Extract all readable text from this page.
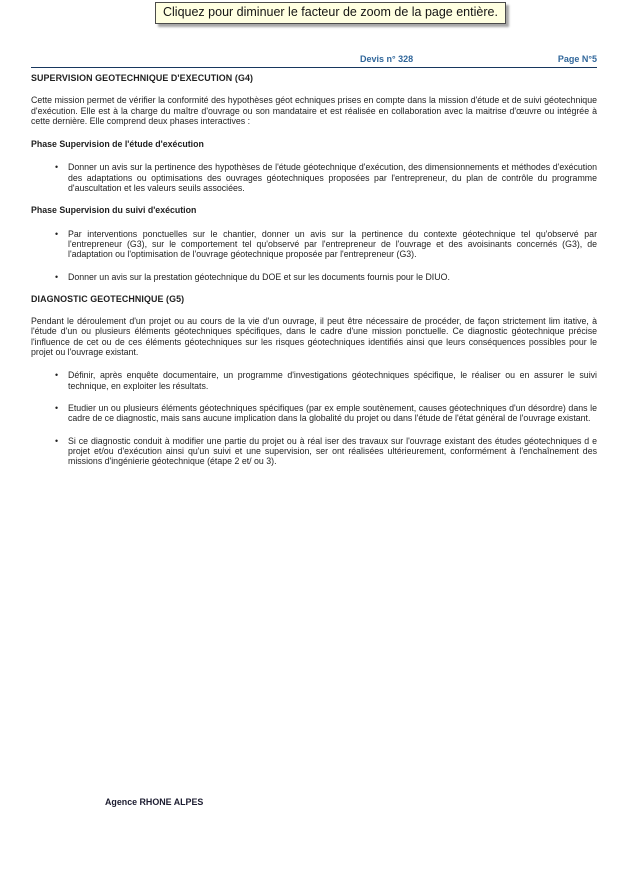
Cliquez pour diminuer le facteur de zoom de la page entière.
Devis n° 328	Page N°5
SUPERVISION GEOTECHNIQUE D'EXECUTION (G4)

Cette mission permet de vérifier la conformité des hypothèses géot echniques prises en compte dans la mission d'étude et de suivi géotechnique d'exécution. Elle est à la charge du maître d'ouvrage ou son mandataire et est réalisée en collaboration avec la maitrise d'œuvre ou intégrée à cette dernière. Elle comprend deux phases interactives :

Phase Supervision de l'étude d'exécution
•	Donner un avis sur la pertinence des hypothèses de l'étude géotechnique d'exécution, des dimensionnements et méthodes d'exécution des adaptations ou optimisations des ouvrages géotechniques proposées par l'entrepreneur, du plan de contrôle du programme d'auscultation et les valeurs seuils associées.
Phase Supervision du suivi d'exécution
•	Par interventions ponctuelles sur le chantier, donner un avis sur la pertinence du contexte géotechnique tel qu'observé par l'entrepreneur (G3), sur le comportement tel qu'observé par l'entrepreneur de l'ouvrage et des avoisinants concernés (G3), de l'adaptation ou l'optimisation de l'ouvrage géotechnique proposée par l'entrepreneur (G3).
•	Donner un avis sur la prestation géotechnique du DOE et sur les documents fournis pour le DIUO.
DIAGNOSTIC GEOTECHNIQUE (G5)

Pendant le déroulement d'un projet ou au cours de la vie d'un ouvrage, il peut être nécessaire de procéder, de façon strictement lim itative, à l'étude d'un ou plusieurs éléments géotechniques spécifiques, dans le cadre d'une mission ponctuelle. Ce diagnostic géotechnique précise l'influence de cet ou de ces éléments géotechniques sur les risques géotechniques identifiés ainsi que leurs conséquences possibles pour le projet ou l'ouvrage existant.

•	Définir, après enquête documentaire, un programme d'investigations géotechniques spécifique, le réaliser ou en assurer le suivi technique, en exploiter les résultats.
•	Etudier un ou plusieurs éléments géotechniques spécifiques (par ex emple soutènement, causes géotechniques d'un désordre) dans le cadre de ce diagnostic, mais sans aucune implication dans la globalité du projet ou dans l'étude de l'état général de l'ouvrage existant.
•	Si ce diagnostic conduit à modifier une partie du projet ou à réal iser des travaux sur l'ouvrage existant des études géotechniques d e projet et/ou d'exécution ainsi qu'un suivi et une supervision, ser ont réalisées ultérieurement, conformément à l'enchaînement des missions d'ingénierie géotechnique (étape 2 et/ ou 3).
Agence RHONE ALPES
